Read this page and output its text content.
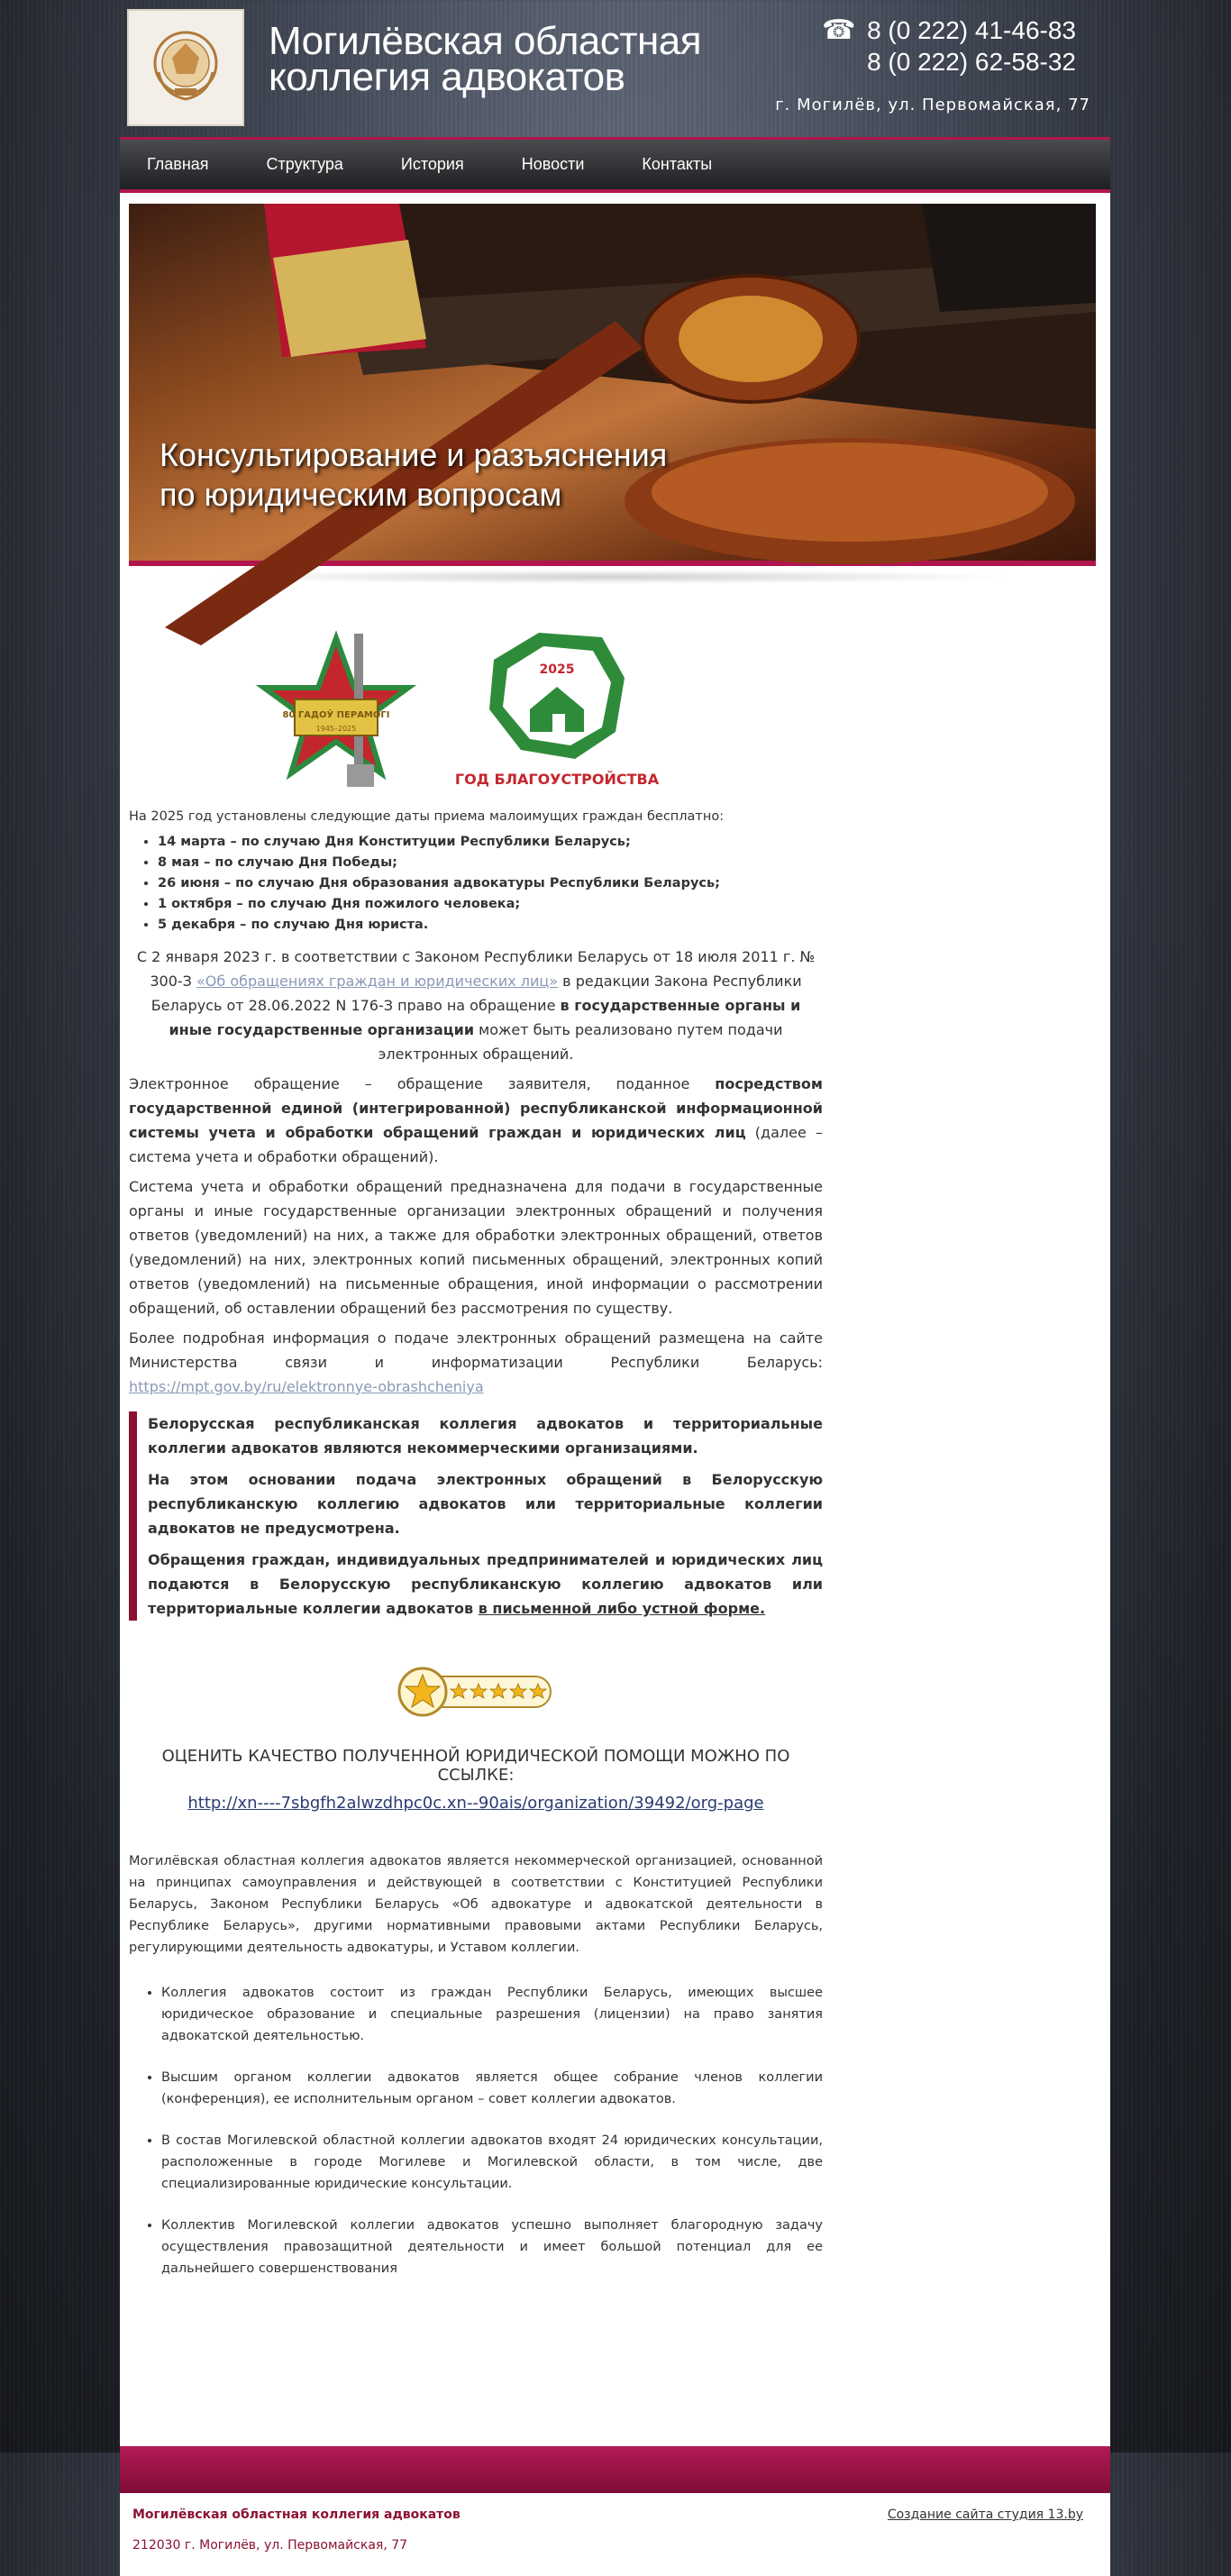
Могилёвская областная
коллегия адвокатов
☎ 8 (0 222) 41-46-83
8 (0 222) 62-58-32
г. Могилёв, ул. Первомайская, 77
Главная	Структура	История	Новости	Контакты
Консультирование и разъяснения
по юридическим вопросам
80 ГАДОЎ ПЕРАМОГІ
1945–2025
2025
ГОД БЛАГОУСТРОЙСТВА

На 2025 год установлены следующие даты приема малоимущих граждан бесплатно:

• 14 марта – по случаю Дня Конституции Республики Беларусь;
• 8 мая – по случаю Дня Победы;
• 26 июня – по случаю Дня образования адвокатуры Республики Беларусь;
• 1 октября – по случаю Дня пожилого человека;
• 5 декабря – по случаю Дня юриста.

С 2 января 2023 г. в соответствии с Законом Республики Беларусь от 18 июля 2011 г. № 300-З «Об обращениях граждан и юридических лиц» в редакции Закона Республики Беларусь от 28.06.2022 N 176-З право на обращение в государственные органы и иные государственные организации может быть реализовано путем подачи электронных обращений.

Электронное обращение – обращение заявителя, поданное посредством государственной единой (интегрированной) республиканской информационной системы учета и обработки обращений граждан и юридических лиц (далее – система учета и обработки обращений).

Система учета и обработки обращений предназначена для подачи в государственные органы и иные государственные организации электронных обращений и получения ответов (уведомлений) на них, а также для обработки электронных обращений, ответов (уведомлений) на них, электронных копий письменных обращений, электронных копий ответов (уведомлений) на письменные обращения, иной информации о рассмотрении обращений, об оставлении обращений без рассмотрения по существу.

Более подробная информация о подаче электронных обращений размещена на сайте Министерства связи и информатизации Республики Беларусь: https://mpt.gov.by/ru/elektronnye-obrashcheniya

Белорусская республиканская коллегия адвокатов и территориальные коллегии адвокатов являются некоммерческими организациями.

На этом основании подача электронных обращений в Белорусскую республиканскую коллегию адвокатов или территориальные коллегии адвокатов не предусмотрена.

Обращения граждан, индивидуальных предпринимателей и юридических лиц подаются в Белорусскую республиканскую коллегию адвокатов или территориальные коллегии адвокатов в письменной либо устной форме.

ОЦЕНИТЬ КАЧЕСТВО ПОЛУЧЕННОЙ ЮРИДИЧЕСКОЙ ПОМОЩИ МОЖНО ПО ССЫЛКЕ:
http://xn----7sbgfh2alwzdhpc0c.xn--90ais/organization/39492/org-page

Могилёвская областная коллегия адвокатов является некоммерческой организацией, основанной на принципах самоуправления и действующей в соответствии с Конституцией Республики Беларусь, Законом Республики Беларусь «Об адвокатуре и адвокатской деятельности в Республике Беларусь», другими нормативными правовыми актами Республики Беларусь, регулирующими деятельность адвокатуры, и Уставом коллегии.

• Коллегия адвокатов состоит из граждан Республики Беларусь, имеющих высшее юридическое образование и специальные разрешения (лицензии) на право занятия адвокатской деятельностью.
• Высшим органом коллегии адвокатов является общее собрание членов коллегии (конференция), ее исполнительным органом – совет коллегии адвокатов.
• В состав Могилевской областной коллегии адвокатов входят 24 юридических консультации, расположенные в городе Могилеве и Могилевской области, в том числе, две специализированные юридические консультации.
• Коллектив Могилевской коллегии адвокатов успешно выполняет благородную задачу осуществления правозащитной деятельности и имеет большой потенциал для ее дальнейшего совершенствования
Могилёвская областная коллегия адвокатов
212030 г. Могилёв, ул. Первомайская, 77
Создание сайта студия 13.by
